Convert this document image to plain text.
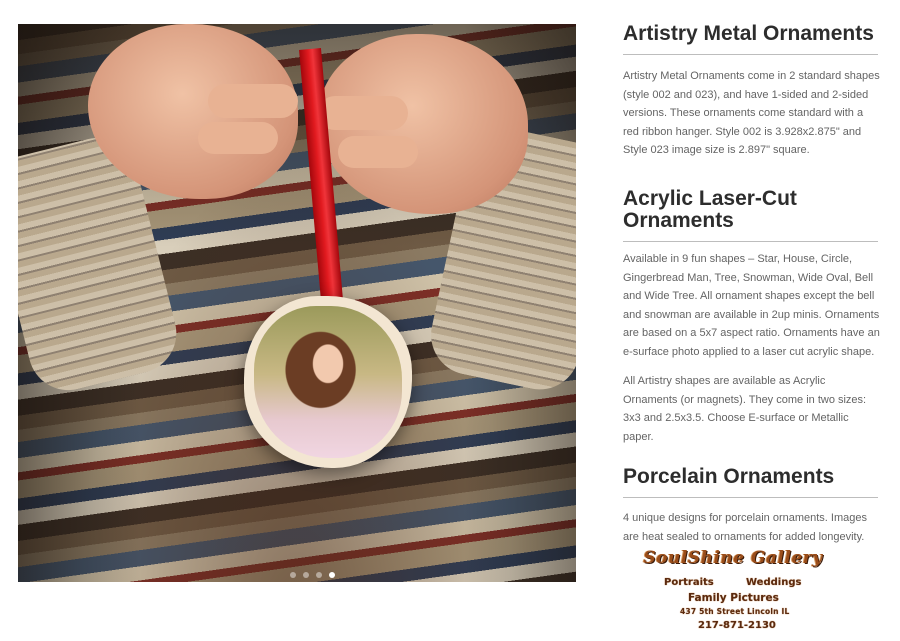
Artistry Metal Ornaments

Artistry Metal Ornaments come in 2 standard shapes (style 002 and 023), and have 1-sided and 2-sided versions. These ornaments come standard with a red ribbon hanger. Style 002 is 3.928x2.875" and Style 023 image size is 2.897" square.

Acrylic Laser-Cut Ornaments

Available in 9 fun shapes – Star, House, Circle, Gingerbread Man, Tree, Snowman, Wide Oval, Bell and Wide Tree. All ornament shapes except the bell and snowman are available in 2up minis. Ornaments are based on a 5x7 aspect ratio. Ornaments have an e-surface photo applied to a laser cut acrylic shape.

All Artistry shapes are available as Acrylic Ornaments (or magnets). They come in two sizes: 3x3 and 2.5x3.5. Choose E-surface or Metallic paper.

Porcelain Ornaments

4 unique designs for porcelain ornaments. Images are heat sealed to ornaments for added longevity.

SoulShine Gallery
Portraits	Weddings
Family Pictures
437 5th Street Lincoln IL
217-871-2130
